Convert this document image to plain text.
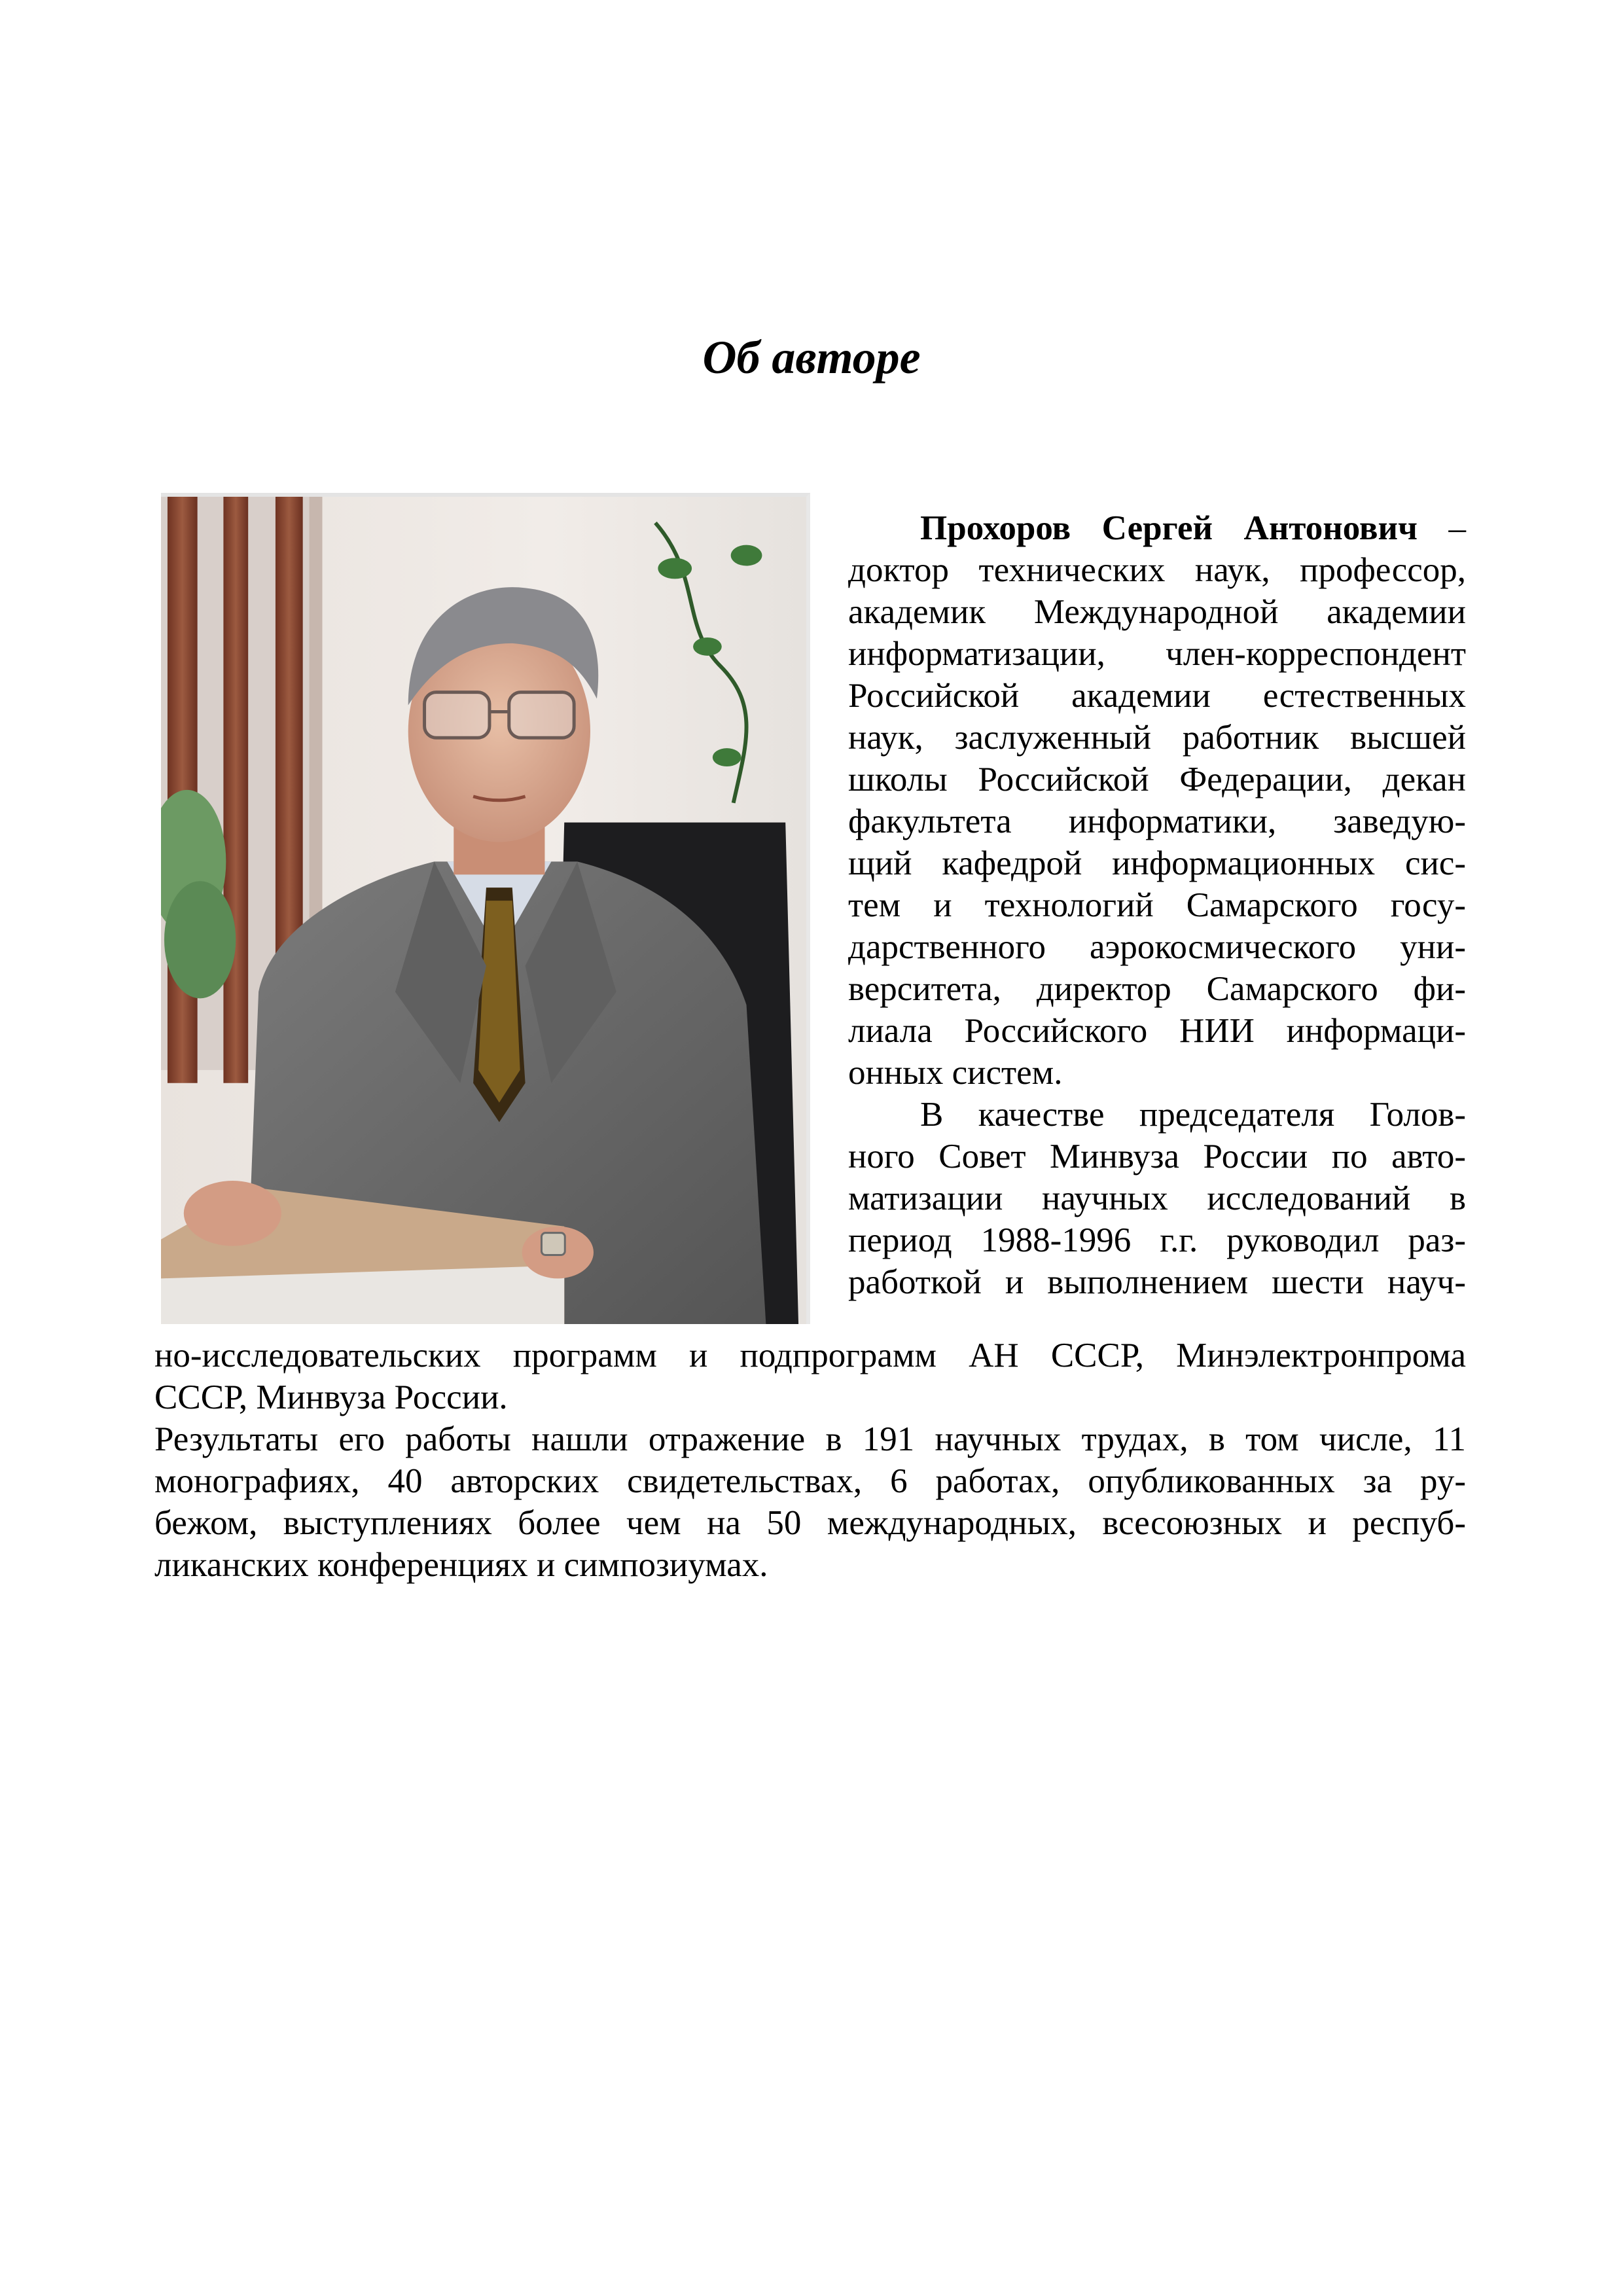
Об авторе

Прохоров Сергей Антонович –
доктор технических наук, профессор,
академик Международной академии
информатизации, член-корреспондент
Российской академии естественных
наук, заслуженный работник высшей
школы Российской Федерации, декан
факультета информатики, заведую-
щий кафедрой информационных сис-
тем и технологий Самарского госу-
дарственного аэрокосмического уни-
верситета, директор Самарского фи-
лиала Российского НИИ информаци-
онных систем.
В качестве председателя Голов-
ного Совет Минвуза России по авто-
матизации научных исследований в
период 1988-1996 г.г. руководил раз-
работкой и выполнением шести науч-

но-исследовательских программ и подпрограмм АН СССР, Минэлектронпрома
СССР, Минвуза России.
Результаты его работы нашли отражение в 191 научных трудах, в том числе, 11
монографиях, 40 авторских свидетельствах, 6 работах, опубликованных за ру-
бежом, выступлениях более чем на 50 международных, всесоюзных и респуб-
ликанских конференциях и симпозиумах.
